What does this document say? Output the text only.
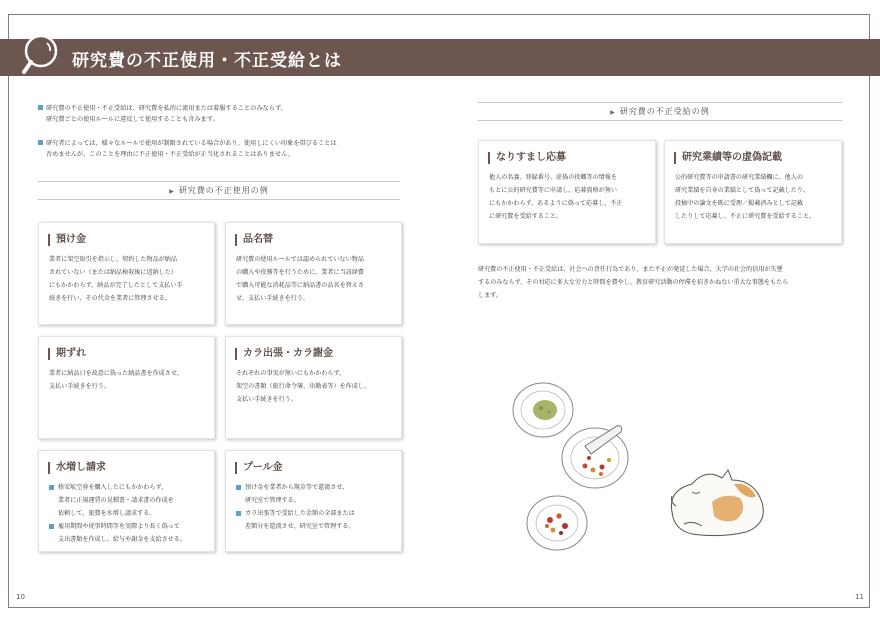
研究費の不正使用・不正受給とは
研究費の不正使用・不正受給は、研究費を私的に流用または着服することのみならず、
研究費ごとの使用ルールに違反して使用することも含みます。
研究者によっては、様々なルールで使用が制限されている場合があり、使用しにくい印象を帯びることは
否めませんが、このことを理由に不正使用・不正受給が正当化されることはありません。
▶ 研究費の不正使用の例
預け金
業者に架空取引を指示し、契約した物品が納品
されていない（または納品検収後に返納した）
にもかかわらず、納品が完了したとして支払い手
続きを行い、その代金を業者に管理させる。
品名替
研究費の使用ルールでは認められていない物品
の購入や役務等を行うために、業者に当該経費
で購入可能な消耗品等に納品書の品名を替えさ
せ、支払い手続きを行う。
期ずれ
業者に納品日を故意に偽った納品書を作成させ、
支払い手続きを行う。
カラ出張・カラ謝金
それぞれの事実が無いにもかかわらず、
架空の書類（旅行命令簿、出勤表等）を作成し、
支払い手続きを行う。
水増し請求
格安航空券を購入したにもかかわらず、
業者に正規運賃の見積書・請求書の作成を
依頼して、旅費を水増し請求する。
雇用期間や従事時間等を実際より長く偽って
支出書類を作成し、給与や謝金を支給させる。
プール金
預け金を業者から現金等で還流させ、
研究室で管理する。
カラ出張等で受給した金額の全部または
差額分を還流させ、研究室で管理する。
▶ 研究費の不正受給の例
なりすまし応募
他人の名義、登録番号、虚偽の役職等の情報を
もとに公的研究費等に申請し、応募資格が無い
にもかかわらず、あるように偽って応募し、不正
に研究費を受給すること。
研究業績等の虚偽記載
公的研究費等の申請書の研究業績欄に、他人の
研究業績を自身の業績として偽って記載したり、
投稿中の論文を既に受理／掲載済みとして記載
したりして応募し、不正に研究費を受給すること。
研究費の不正使用・不正受給は、社会への背任行為であり、また不正が発覚した場合、大学の社会的信用が失墜
するのみならず、その対応に多大な労力と時間を費やし、教育研究活動の停滞を招きかねない重大な事態をもたら
します。
10	11
